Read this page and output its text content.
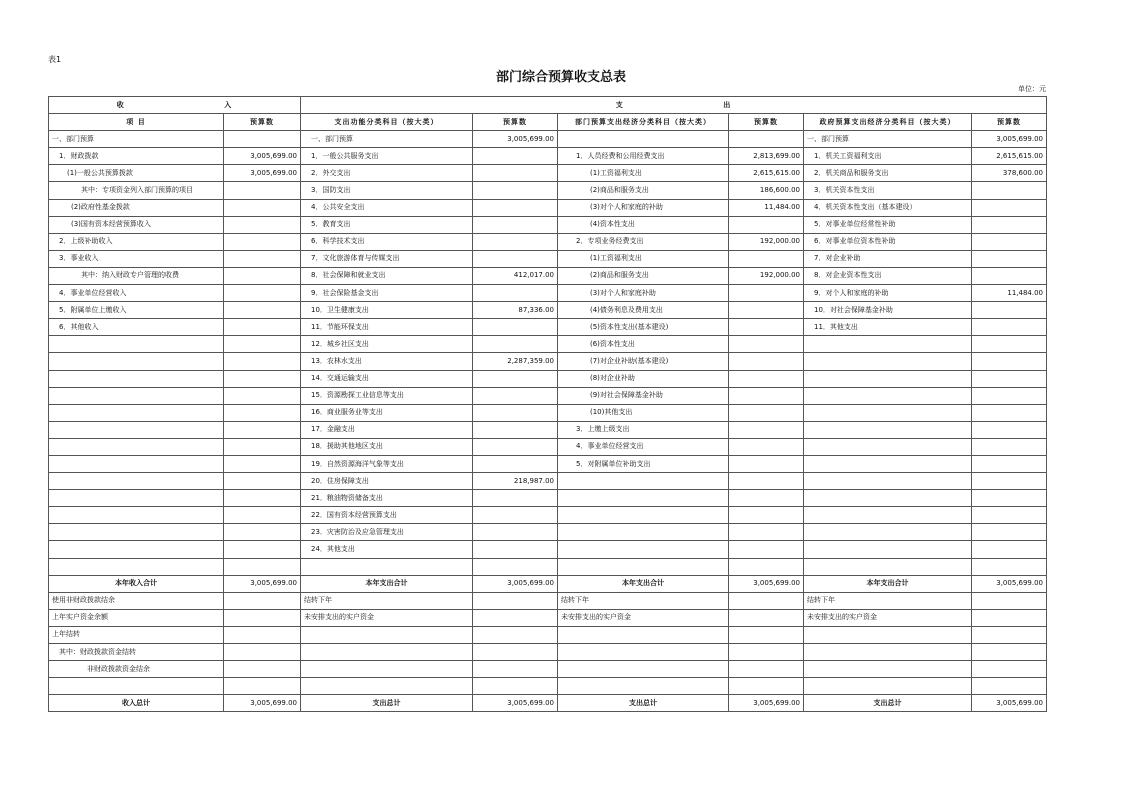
表1
部门综合预算收支总表
单位：元
收 入		支 出					
项 目	预算数	支出功能分类科目（按大类）	预算数	部门预算支出经济分类科目（按大类）	预算数	政府预算支出经济分类科目（按大类）	预算数
一、部门预算		一、部门预算	3,005,699.00			一、部门预算	3,005,699.00
1．财政拨款	3,005,699.00	1．一般公共服务支出		1．人员经费和公用经费支出	2,813,699.00	1．机关工资福利支出	2,615,615.00
(1)一般公共预算拨款	3,005,699.00	2．外交支出		(1)工资福利支出	2,615,615.00	2．机关商品和服务支出	378,600.00
其中：专项资金列入部门预算的项目		3．国防支出		(2)商品和服务支出	186,600.00	3．机关资本性支出	
(2)政府性基金拨款		4．公共安全支出		(3)对个人和家庭的补助	11,484.00	4．机关资本性支出（基本建设）	
(3)国有资本经营预算收入		5．教育支出		(4)资本性支出		5．对事业单位经常性补助	
2．上级补助收入		6．科学技术支出		2．专项业务经费支出	192,000.00	6．对事业单位资本性补助	
3．事业收入		7．文化旅游体育与传媒支出		(1)工资福利支出		7．对企业补助	
其中：纳入财政专户管理的收费		8．社会保障和就业支出	412,017.00	(2)商品和服务支出	192,000.00	8．对企业资本性支出	
4．事业单位经营收入		9．社会保险基金支出		(3)对个人和家庭补助		9．对个人和家庭的补助	11,484.00
5．附属单位上缴收入		10．卫生健康支出	87,336.00	(4)债务利息及费用支出		10．对社会保障基金补助	
6．其他收入		11．节能环保支出		(5)资本性支出(基本建设)		11．其他支出	
		12．城乡社区支出		(6)资本性支出			
		13．农林水支出	2,287,359.00	(7)对企业补助(基本建设)			
		14．交通运输支出		(8)对企业补助			
		15．资源勘探工业信息等支出		(9)对社会保障基金补助			
		16．商业服务业等支出		(10)其他支出			
		17．金融支出		3．上缴上级支出			
		18．援助其他地区支出		4．事业单位经营支出			
		19．自然资源海洋气象等支出		5．对附属单位补助支出			
		20．住房保障支出	218,987.00				
		21．粮油物资储备支出					
		22．国有资本经营预算支出					
		23．灾害防治及应急管理支出					
		24．其他支出					

本年收入合计	3,005,699.00	本年支出合计	3,005,699.00	本年支出合计	3,005,699.00	本年支出合计	3,005,699.00
使用非财政拨款结余		结转下年		结转下年		结转下年	
上年实户资金余额		未安排支出的实户资金		未安排支出的实户资金		未安排支出的实户资金	
上年结转							
其中：财政拨款资金结转							
非财政拨款资金结余							

收入总计	3,005,699.00	支出总计	3,005,699.00	支出总计	3,005,699.00	支出总计	3,005,699.00
